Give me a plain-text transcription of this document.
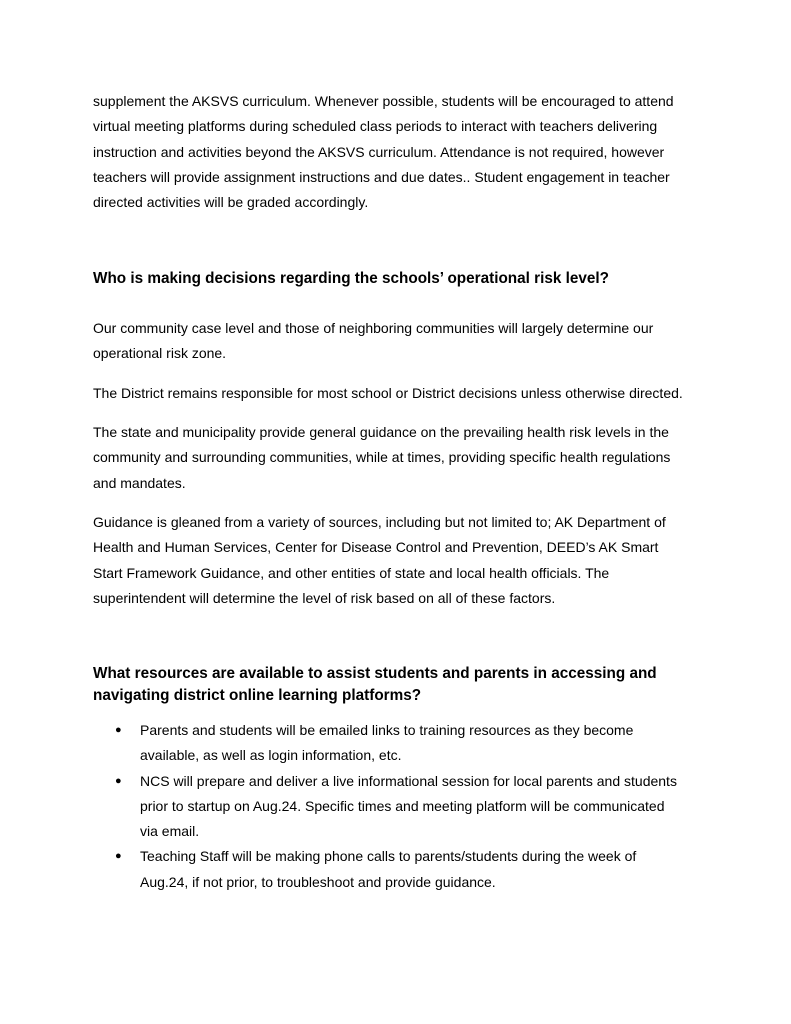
supplement the AKSVS curriculum. Whenever possible, students will be encouraged to attend
virtual meeting platforms during scheduled class periods to interact with teachers delivering
instruction and activities beyond the AKSVS curriculum. Attendance is not required, however
teachers will provide assignment instructions and due dates.. Student engagement in teacher
directed activities will be graded accordingly.

Who is making decisions regarding the schools’ operational risk level?

Our community case level and those of neighboring communities will largely determine our
operational risk zone.

The District remains responsible for most school or District decisions unless otherwise directed.

The state and municipality provide general guidance on the prevailing health risk levels in the
community and surrounding communities, while at times, providing specific health regulations
and mandates.

Guidance is gleaned from a variety of sources, including but not limited to; AK Department of
Health and Human Services, Center for Disease Control and Prevention, DEED’s AK Smart
Start Framework Guidance, and other entities of state and local health officials. The
superintendent will determine the level of risk based on all of these factors.

What resources are available to assist students and parents in accessing and
navigating district online learning platforms?
● Parents and students will be emailed links to training resources as they become
available, as well as login information, etc.
● NCS will prepare and deliver a live informational session for local parents and students
prior to startup on Aug.24. Specific times and meeting platform will be communicated
via email.
● Teaching Staff will be making phone calls to parents/students during the week of
Aug.24, if not prior, to troubleshoot and provide guidance.
